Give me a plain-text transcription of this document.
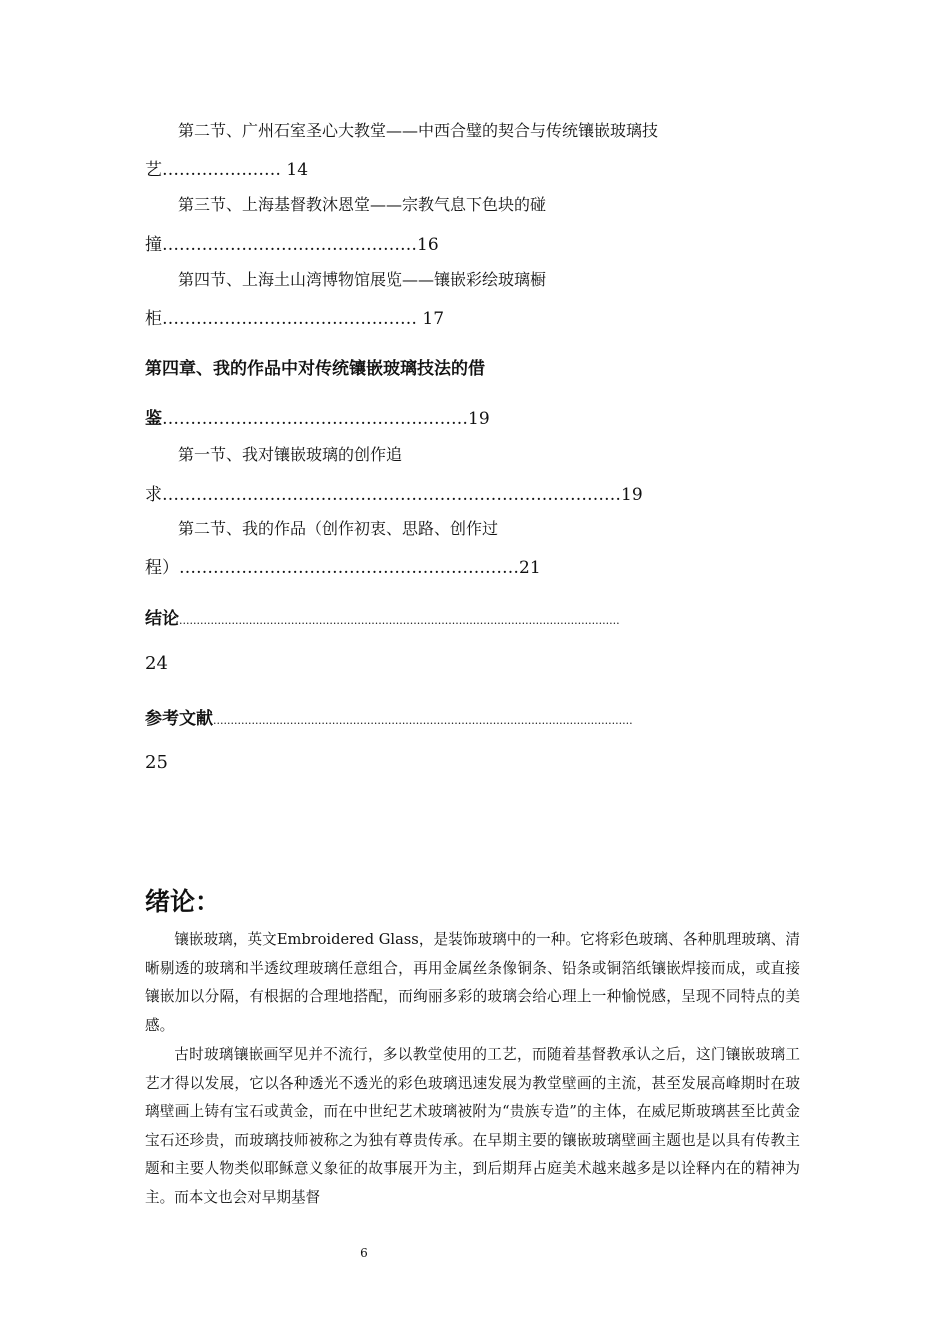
第二节、广州石室圣心大教堂——中西合璧的契合与传统镶嵌玻璃技
艺………………… 14
第三节、上海基督教沐恩堂——宗教气息下色块的碰
撞………………………………………16
第四节、上海土山湾博物馆展览——镶嵌彩绘玻璃橱
柜……………………………………… 17
第四章、我的作品中对传统镶嵌玻璃技法的借
鉴………………………………………………19
第一节、我对镶嵌玻璃的创作追
求………………………………………………………………………19
第二节、我的作品（创作初衷、思路、创作过
程）……………………………………………………21
结论..............................................................................................................................
24
参考文献........................................................................................................................
25
绪论：

镶嵌玻璃，英文Embroidered Glass，是装饰玻璃中的一种。它将彩色玻璃、各种肌理玻璃、清晰剔透的玻璃和半透纹理玻璃任意组合，再用金属丝条像铜条、铅条或铜箔纸镶嵌焊接而成，或直接镶嵌加以分隔，有根据的合理地搭配，而绚丽多彩的玻璃会给心理上一种愉悦感，呈现不同特点的美感。

古时玻璃镶嵌画罕见并不流行，多以教堂使用的工艺，而随着基督教承认之后，这门镶嵌玻璃工艺才得以发展，它以各种透光不透光的彩色玻璃迅速发展为教堂壁画的主流，甚至发展高峰期时在玻璃壁画上铸有宝石或黄金，而在中世纪艺术玻璃被附为“贵族专造”的主体，在威尼斯玻璃甚至比黄金宝石还珍贵，而玻璃技师被称之为独有尊贵传承。在早期主要的镶嵌玻璃壁画主题也是以具有传教主题和主要人物类似耶稣意义象征的故事展开为主，到后期拜占庭美术越来越多是以诠释内在的精神为主。而本文也会对早期基督

6
